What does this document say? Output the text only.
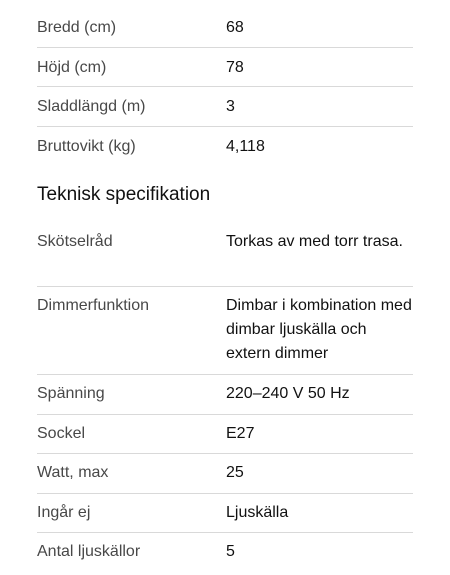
Bredd (cm)	68
Höjd (cm)	78
Sladdlängd (m)	3
Bruttovikt (kg)	4,118
Teknisk specifikation
Skötselråd	Torkas av med torr trasa.
Dimmerfunktion	Dimbar i kombination med dimbar ljuskälla och extern dimmer
Spänning	220–240 V 50 Hz
Sockel	E27
Watt, max	25
Ingår ej	Ljuskälla
Antal ljuskällor	5
